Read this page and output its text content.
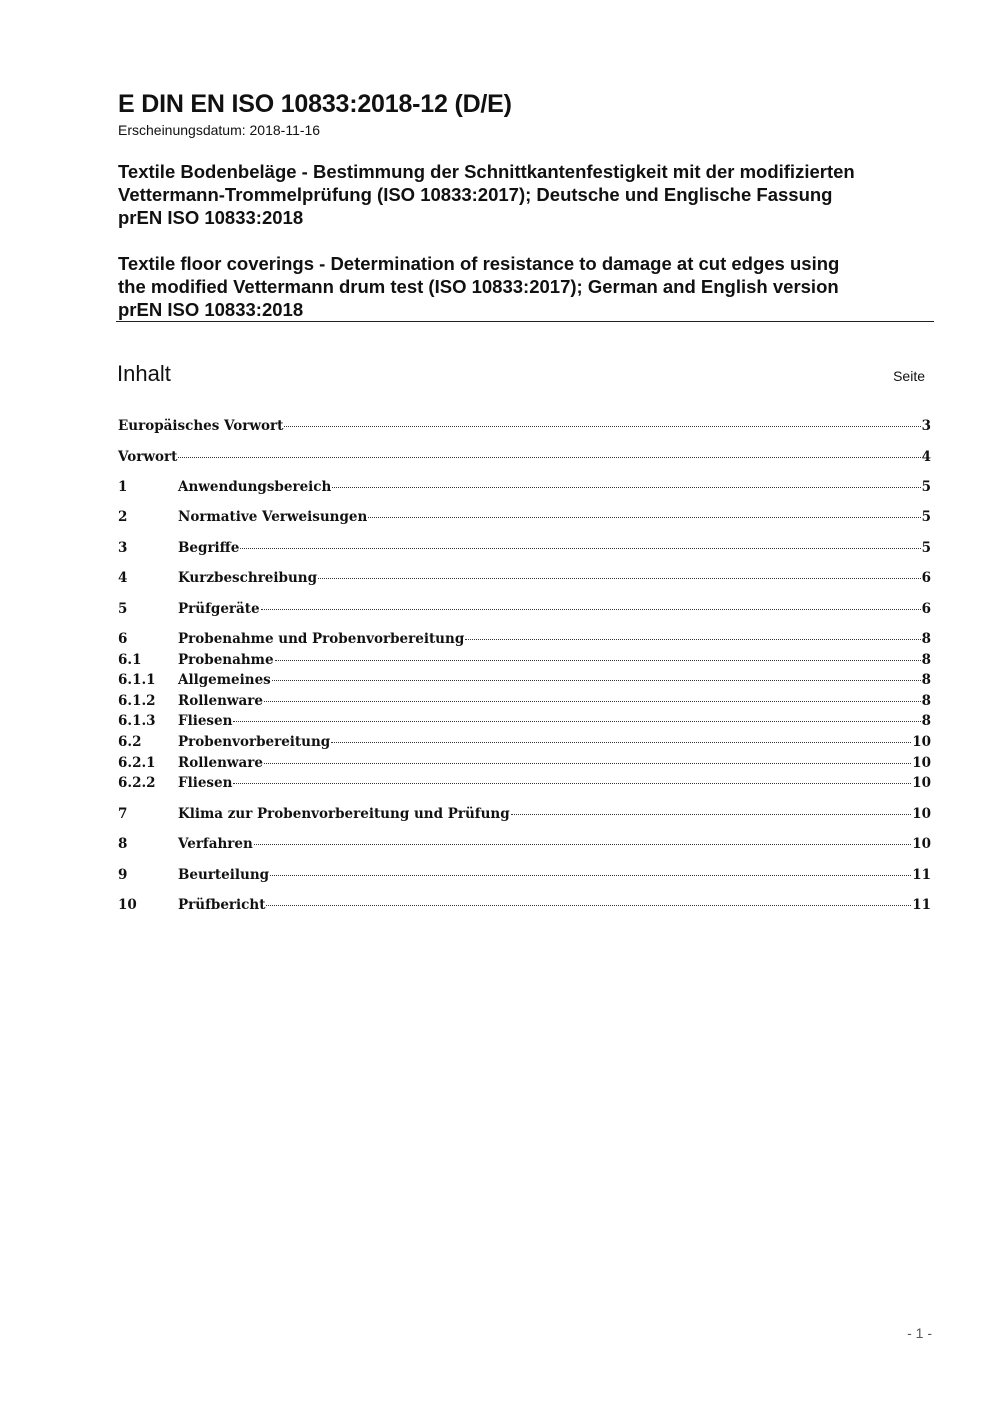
E DIN EN ISO 10833:2018-12 (D/E)
Erscheinungsdatum: 2018-11-16
Textile Bodenbeläge - Bestimmung der Schnittkantenfestigkeit mit der modifizierten
Vettermann-Trommelprüfung (ISO 10833:2017); Deutsche und Englische Fassung
prEN ISO 10833:2018
Textile floor coverings - Determination of resistance to damage at cut edges using
the modified Vettermann drum test (ISO 10833:2017); German and English version
prEN ISO 10833:2018
Inhalt	Seite
Europäisches Vorwort	3
Vorwort	4
1	Anwendungsbereich	5
2	Normative Verweisungen	5
3	Begriffe	5
4	Kurzbeschreibung	6
5	Prüfgeräte	6
6	Probenahme und Probenvorbereitung	8
6.1	Probenahme	8
6.1.1	Allgemeines	8
6.1.2	Rollenware	8
6.1.3	Fliesen	8
6.2	Probenvorbereitung	10
6.2.1	Rollenware	10
6.2.2	Fliesen	10
7	Klima zur Probenvorbereitung und Prüfung	10
8	Verfahren	10
9	Beurteilung	11
10	Prüfbericht	11
- 1 -
